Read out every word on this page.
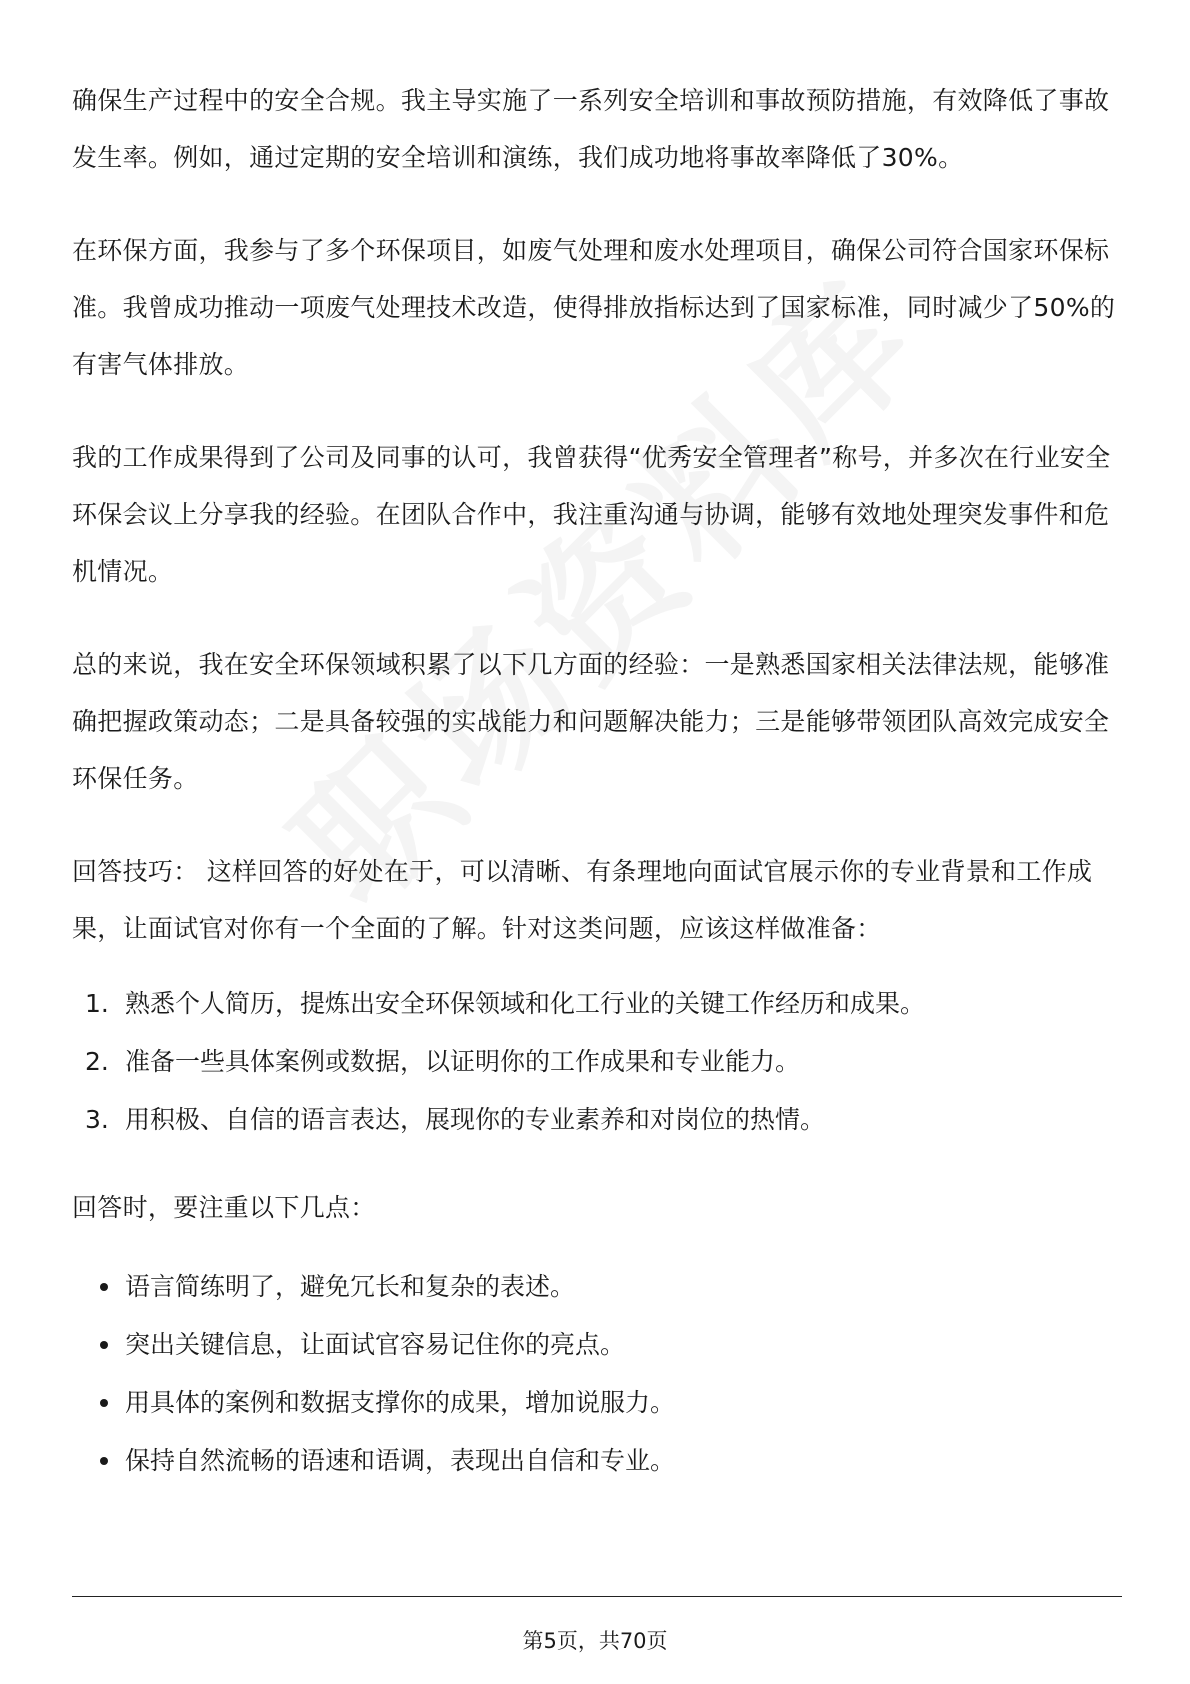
确保生产过程中的安全合规。我主导实施了一系列安全培训和事故预防措施，有效降低了事故发生率。例如，通过定期的安全培训和演练，我们成功地将事故率降低了30%。

在环保方面，我参与了多个环保项目，如废气处理和废水处理项目，确保公司符合国家环保标准。我曾成功推动一项废气处理技术改造，使得排放指标达到了国家标准，同时减少了50%的有害气体排放。

我的工作成果得到了公司及同事的认可，我曾获得“优秀安全管理者”称号，并多次在行业安全环保会议上分享我的经验。在团队合作中，我注重沟通与协调，能够有效地处理突发事件和危机情况。

总的来说，我在安全环保领域积累了以下几方面的经验：一是熟悉国家相关法律法规，能够准确把握政策动态；二是具备较强的实战能力和问题解决能力；三是能够带领团队高效完成安全环保任务。

回答技巧： 这样回答的好处在于，可以清晰、有条理地向面试官展示你的专业背景和工作成果，让面试官对你有一个全面的了解。针对这类问题，应该这样做准备：

1. 熟悉个人简历，提炼出安全环保领域和化工行业的关键工作经历和成果。
2. 准备一些具体案例或数据，以证明你的工作成果和专业能力。
3. 用积极、自信的语言表达，展现你的专业素养和对岗位的热情。

回答时，要注重以下几点：

语言简练明了，避免冗长和复杂的表述。
突出关键信息，让面试官容易记住你的亮点。
用具体的案例和数据支撑你的成果，增加说服力。
保持自然流畅的语速和语调，表现出自信和专业。
第5页，共70页
